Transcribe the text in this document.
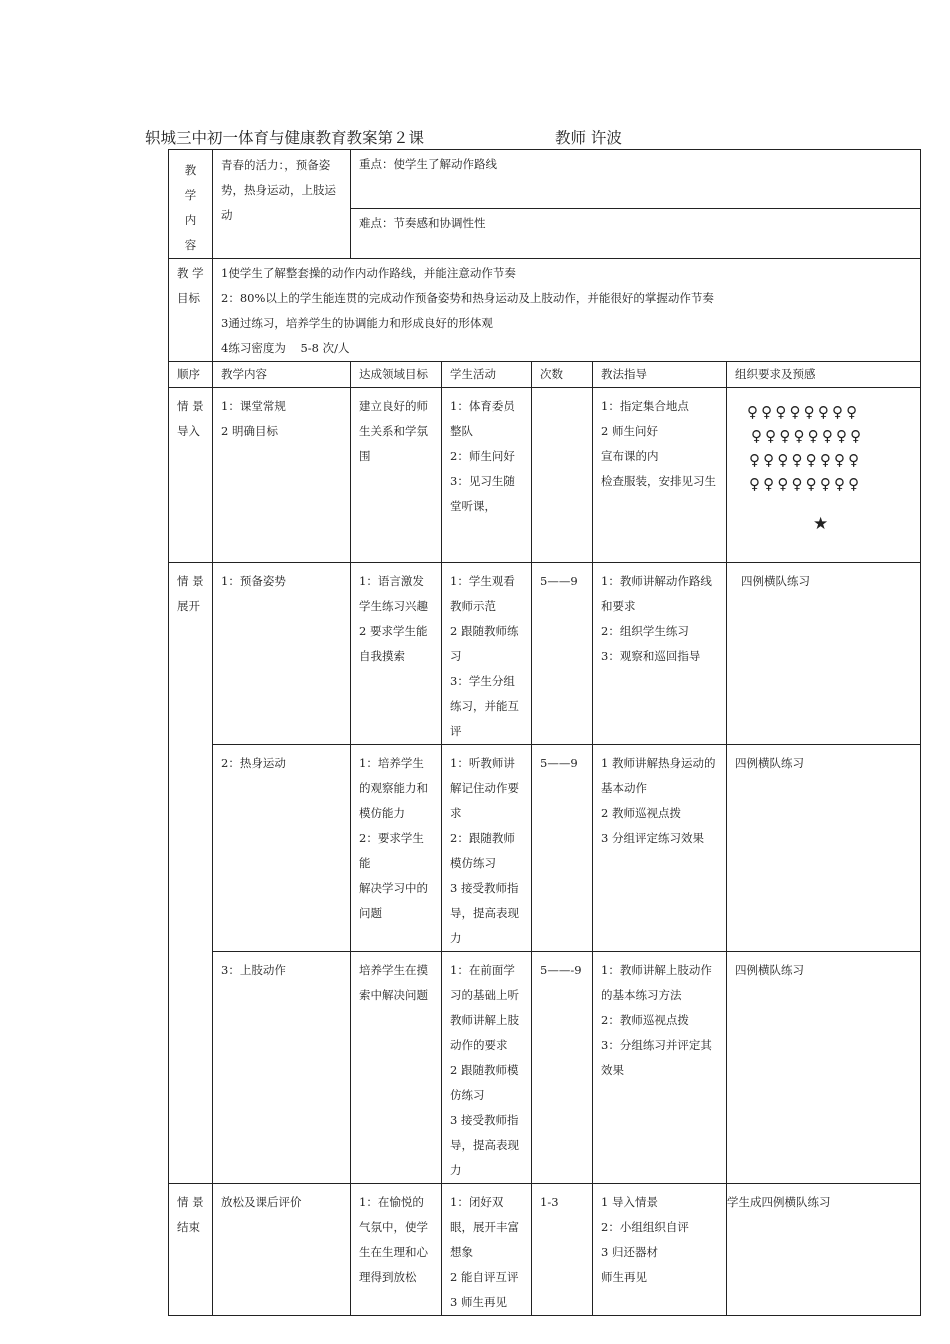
轵城三中初一体育与健康教育教案第２课	教师 许波
教学内容	青春的活力：，预备姿势，热身运动，上肢运动	重点：使学生了解动作路线				

		难点：节奏感和协调性性				

教 学 目标	1使学生了解整套操的动作内动作路线，并能注意动作节奏
2：80%以上的学生能连贯的完成动作预备姿势和热身运动及上肢动作，并能很好的掌握动作节奏
3通过练习，培养学生的协调能力和形成良好的形体观
4练习密度为    5-8 次/人					

顺序	教学内容	达成领域目标	学生活动	次数	教法指导	组织要求及预感

情 景 导入	1：课堂常规
2 明确目标	建立良好的师生关系和学氛围	1：体育委员整队
2：师生问好
3：见习生随堂听课，		1：指定集合地点
2 师生问好
宣布课的内
检查服装，安排见习生	♀♀♀♀♀♀♀♀
♀♀♀♀♀♀♀♀
♀♀♀♀♀♀♀♀
♀♀♀♀♀♀♀♀
★

情 景 展开	1：预备姿势	1：语言激发学生练习兴趣
2 要求学生能
自我摸索	1：学生观看教师示范
2 跟随教师练习
3：学生分组练习，并能互评	5——9	1：教师讲解动作路线和要求
2：组织学生练习
3：观察和巡回指导	四例横队练习

	2：热身运动	1：培养学生的观察能力和模仿能力
2：要求学生能
解决学习中的
问题	1：听教师讲解记住动作要求
2：跟随教师模仿练习
3 接受教师指导，提高表现力	5——9	1 教师讲解热身运动的基本动作
2 教师巡视点拨
3 分组评定练习效果	四例横队练习

	3：上肢动作	培养学生在摸索中解决问题	1：在前面学习的基础上听教师讲解上肢动作的要求
2 跟随教师模仿练习
3 接受教师指导，提高表现力	5——-9	1：教师讲解上肢动作的基本练习方法
2：教师巡视点拨
3：分组练习并评定其效果	四例横队练习

情 景 结束	放松及课后评价	1：在愉悦的气氛中，使学生在生理和心理得到放松	1：闭好双眼，展开丰富想象
2 能自评互评
3 师生再见	1-3	1 导入情景
2：小组组织自评
3 归还器材
师生再见	学生成四例横队练习
